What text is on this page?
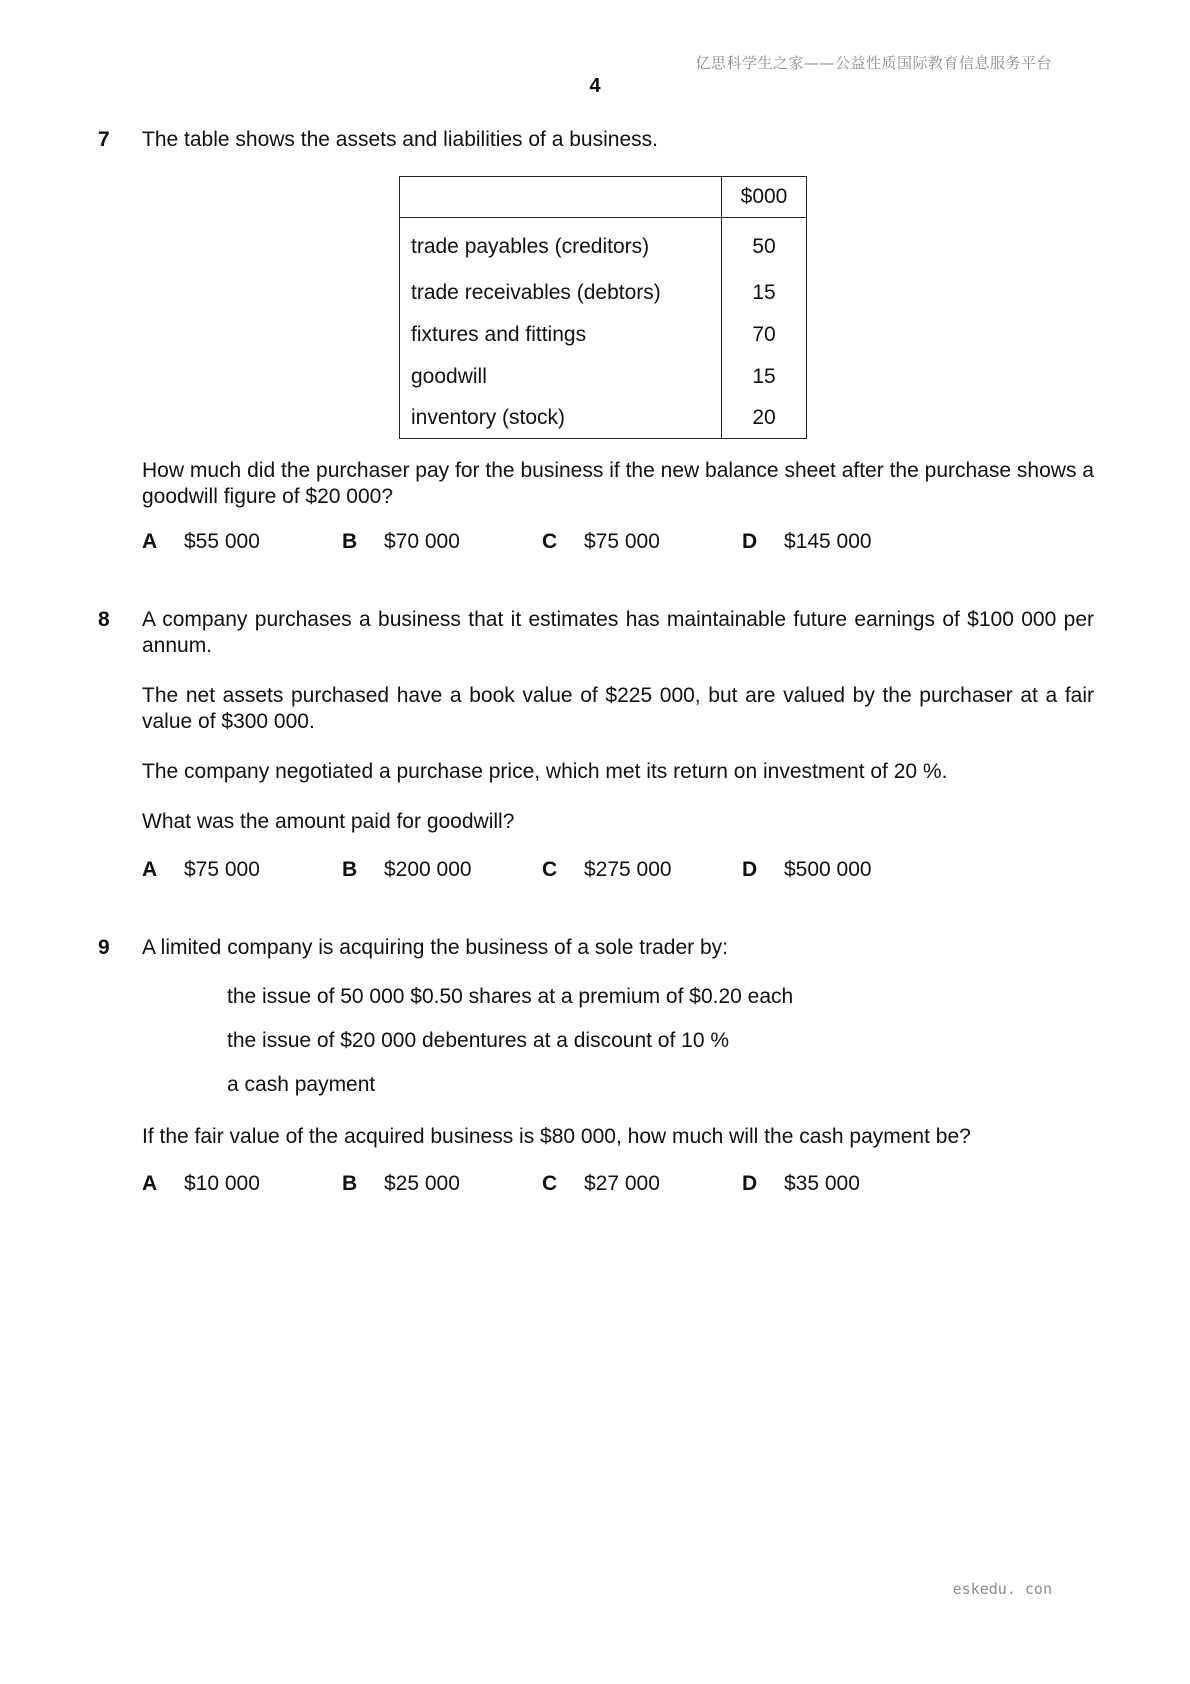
亿思科学生之家——公益性质国际教育信息服务平台
4
7 The table shows the assets and liabilities of a business.
	$000
trade payables (creditors)	50
trade receivables (debtors)	15
fixtures and fittings	70
goodwill	15
inventory (stock)	20
How much did the purchaser pay for the business if the new balance sheet after the purchase shows a goodwill figure of $20 000?
A $55 000	B $70 000	C $75 000	D $145 000
8 A company purchases a business that it estimates has maintainable future earnings of $100 000 per annum.
The net assets purchased have a book value of $225 000, but are valued by the purchaser at a fair value of $300 000.
The company negotiated a purchase price, which met its return on investment of 20 %.
What was the amount paid for goodwill?
A $75 000	B $200 000	C $275 000	D $500 000
9 A limited company is acquiring the business of a sole trader by:
the issue of 50 000 $0.50 shares at a premium of $0.20 each
the issue of $20 000 debentures at a discount of 10 %
a cash payment
If the fair value of the acquired business is $80 000, how much will the cash payment be?
A $10 000	B $25 000	C $27 000	D $35 000
eskedu. con
